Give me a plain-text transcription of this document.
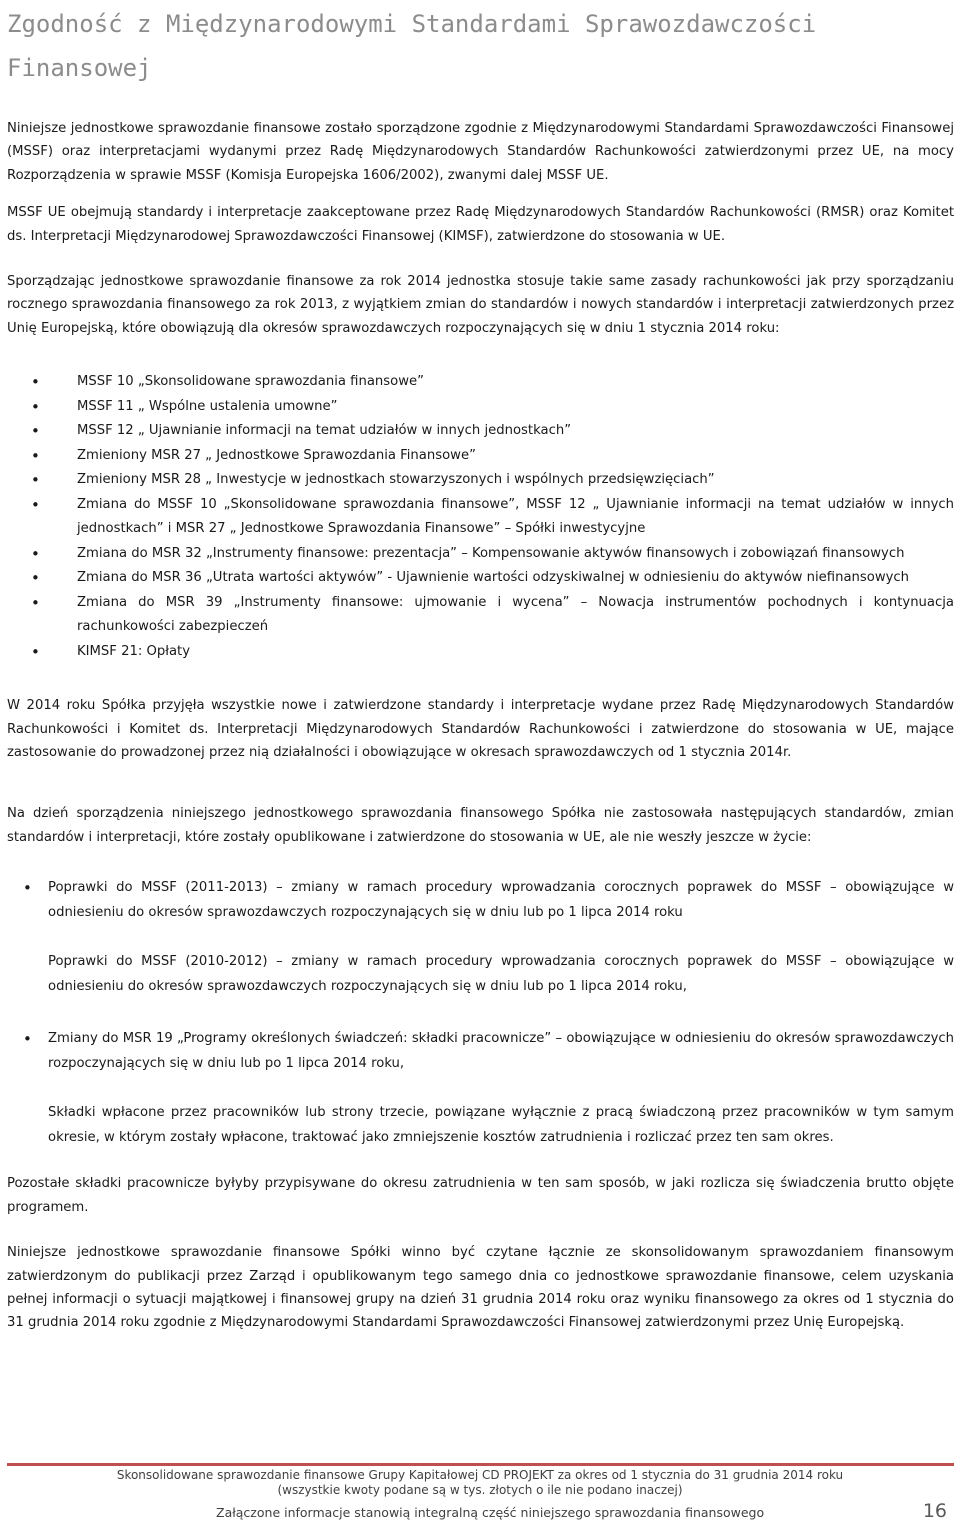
Zgodność z Międzynarodowymi Standardami Sprawozdawczości
Finansowej

Niniejsze jednostkowe sprawozdanie finansowe zostało sporządzone zgodnie z Międzynarodowymi Standardami Sprawozdawczości Finansowej (MSSF) oraz interpretacjami wydanymi przez Radę Międzynarodowych Standardów Rachunkowości zatwierdzonymi przez UE, na mocy Rozporządzenia w sprawie MSSF (Komisja Europejska 1606/2002), zwanymi dalej MSSF UE.

MSSF UE obejmują standardy i interpretacje zaakceptowane przez Radę Międzynarodowych Standardów Rachunkowości (RMSR) oraz Komitet ds. Interpretacji Międzynarodowej Sprawozdawczości Finansowej (KIMSF), zatwierdzone do stosowania w UE.

Sporządzając jednostkowe sprawozdanie finansowe za rok 2014 jednostka stosuje takie same zasady rachunkowości jak przy sporządzaniu rocznego sprawozdania finansowego za rok 2013, z wyjątkiem zmian do standardów i nowych standardów i interpretacji zatwierdzonych przez Unię Europejską, które obowiązują dla okresów sprawozdawczych rozpoczynających się w dniu 1 stycznia 2014 roku:

• MSSF 10 „Skonsolidowane sprawozdania finansowe”
• MSSF 11 „ Wspólne ustalenia umowne”
• MSSF 12 „ Ujawnianie informacji na temat udziałów w innych jednostkach”
• Zmieniony MSR 27 „ Jednostkowe Sprawozdania Finansowe”
• Zmieniony MSR 28 „ Inwestycje w jednostkach stowarzyszonych i wspólnych przedsięwzięciach”
• Zmiana do MSSF 10 „Skonsolidowane sprawozdania finansowe”, MSSF 12 „ Ujawnianie informacji na temat udziałów w innych jednostkach” i MSR 27 „ Jednostkowe Sprawozdania Finansowe” – Spółki inwestycyjne
• Zmiana do MSR 32 „Instrumenty finansowe: prezentacja” – Kompensowanie aktywów finansowych i zobowiązań finansowych
• Zmiana do MSR 36 „Utrata wartości aktywów” - Ujawnienie wartości odzyskiwalnej w odniesieniu do aktywów niefinansowych
• Zmiana do MSR 39 „Instrumenty finansowe: ujmowanie i wycena” – Nowacja instrumentów pochodnych i kontynuacja rachunkowości zabezpieczeń
• KIMSF 21: Opłaty

W 2014 roku Spółka przyjęła wszystkie nowe i zatwierdzone standardy i interpretacje wydane przez Radę Międzynarodowych Standardów Rachunkowości i Komitet ds. Interpretacji Międzynarodowych Standardów Rachunkowości i zatwierdzone do stosowania w UE, mające zastosowanie do prowadzonej przez nią działalności i obowiązujące w okresach sprawozdawczych od 1 stycznia 2014r.

Na dzień sporządzenia niniejszego jednostkowego sprawozdania finansowego Spółka nie zastosowała następujących standardów, zmian standardów i interpretacji, które zostały opublikowane i zatwierdzone do stosowania w UE, ale nie weszły jeszcze w życie:

• Poprawki do MSSF (2011-2013) – zmiany w ramach procedury wprowadzania corocznych poprawek do MSSF – obowiązujące w odniesieniu do okresów sprawozdawczych rozpoczynających się w dniu lub po 1 lipca 2014 roku
Poprawki do MSSF (2010-2012) – zmiany w ramach procedury wprowadzania corocznych poprawek do MSSF – obowiązujące w odniesieniu do okresów sprawozdawczych rozpoczynających się w dniu lub po 1 lipca 2014 roku,
• Zmiany do MSR 19 „Programy określonych świadczeń: składki pracownicze” – obowiązujące w odniesieniu do okresów sprawozdawczych rozpoczynających się w dniu lub po 1 lipca 2014 roku,
Składki wpłacone przez pracowników lub strony trzecie, powiązane wyłącznie z pracą świadczoną przez pracowników w tym samym okresie, w którym zostały wpłacone, traktować jako zmniejszenie kosztów zatrudnienia i rozliczać przez ten sam okres.

Pozostałe składki pracownicze byłyby przypisywane do okresu zatrudnienia w ten sam sposób, w jaki rozlicza się świadczenia brutto objęte programem.

Niniejsze jednostkowe sprawozdanie finansowe Spółki winno być czytane łącznie ze skonsolidowanym sprawozdaniem finansowym zatwierdzonym do publikacji przez Zarząd i opublikowanym tego samego dnia co jednostkowe sprawozdanie finansowe, celem uzyskania pełnej informacji o sytuacji majątkowej i finansowej grupy na dzień 31 grudnia 2014 roku oraz wyniku finansowego za okres od 1 stycznia do 31 grudnia 2014 roku zgodnie z Międzynarodowymi Standardami Sprawozdawczości Finansowej zatwierdzonymi przez Unię Europejską.

Skonsolidowane sprawozdanie finansowe Grupy Kapitałowej CD PROJEKT za okres od 1 stycznia do 31 grudnia 2014 roku
(wszystkie kwoty podane są w tys. złotych o ile nie podano inaczej)
Załączone informacje stanowią integralną część niniejszego sprawozdania finansowego	16
